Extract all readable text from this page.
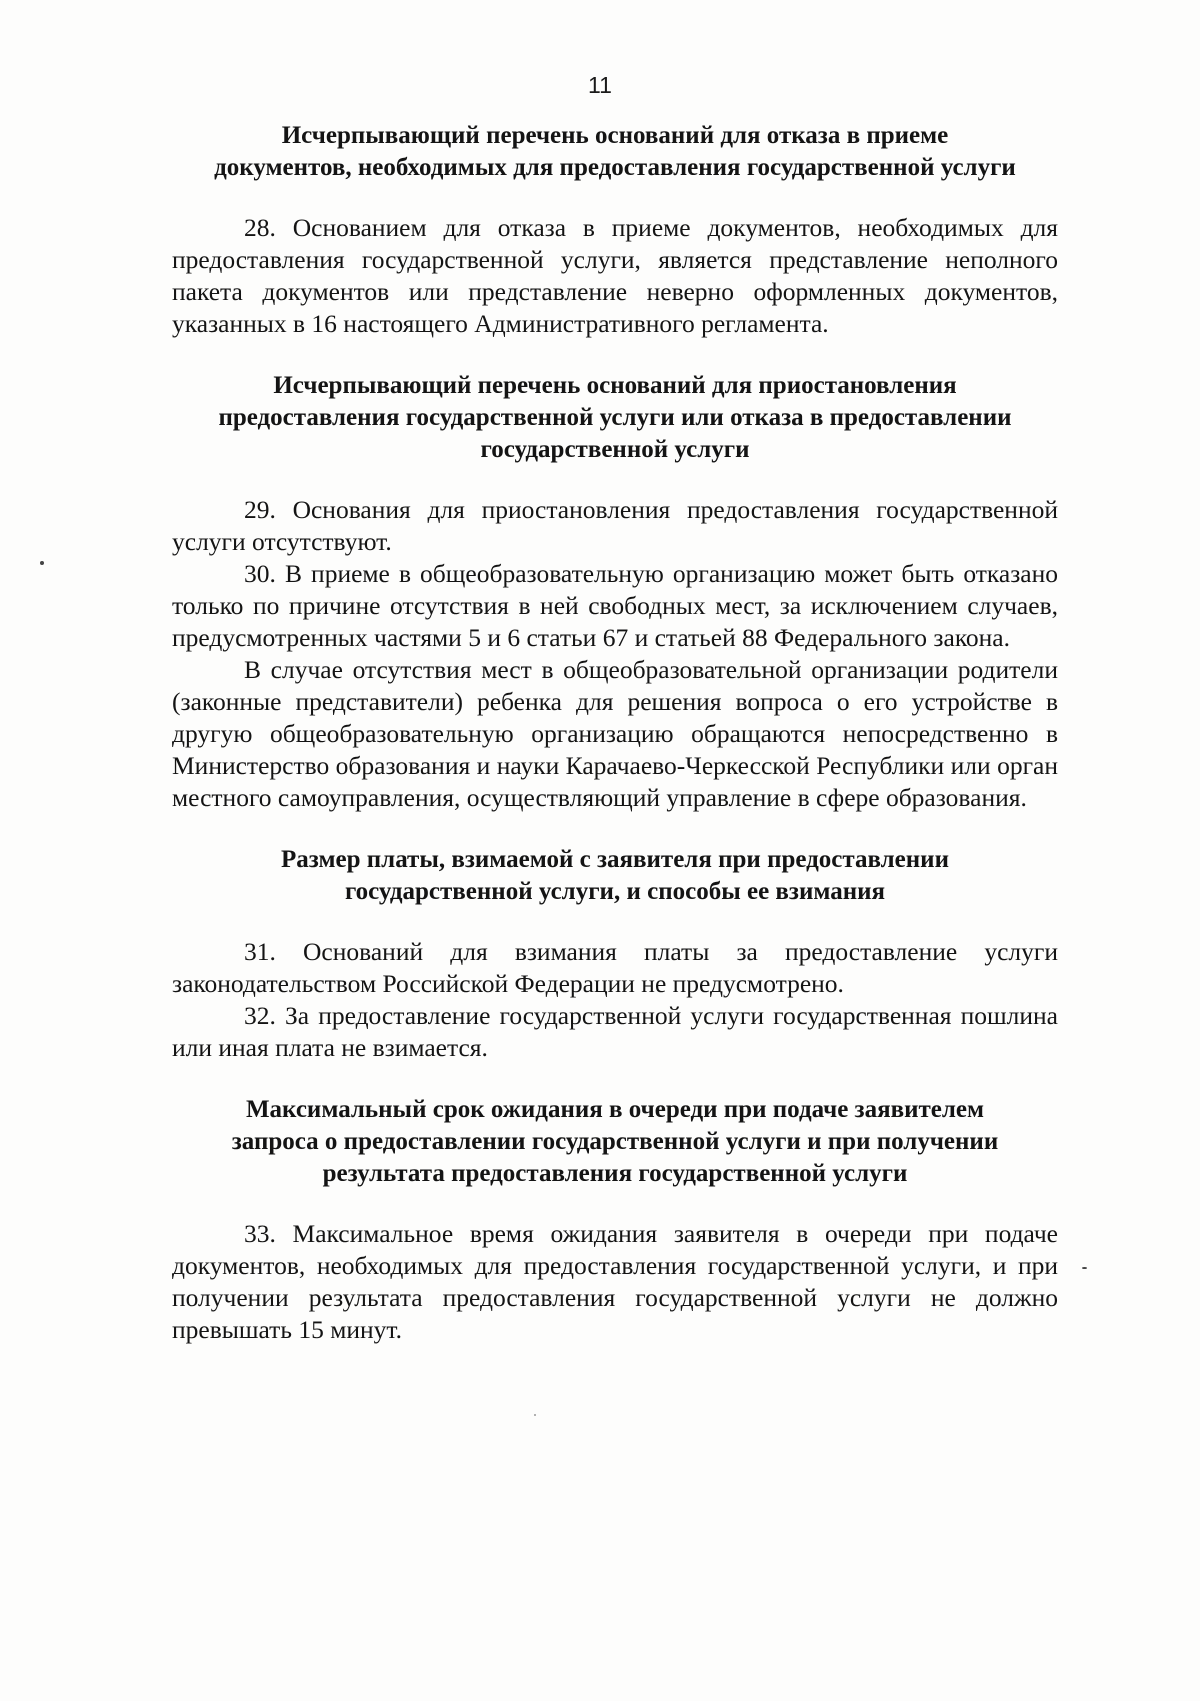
11
Исчерпывающий перечень оснований для отказа в приеме
документов, необходимых для предоставления государственной услуги

28. Основанием для отказа в приеме документов, необходимых для предоставления государственной услуги, является представление неполного пакета документов или представление неверно оформленных документов, указанных в 16 настоящего Административного регламента.

Исчерпывающий перечень оснований для приостановления
предоставления государственной услуги или отказа в предоставлении
государственной услуги

29. Основания для приостановления предоставления государственной услуги отсутствуют.

30. В приеме в общеобразовательную организацию может быть отказано только по причине отсутствия в ней свободных мест, за исключением случаев, предусмотренных частями 5 и 6 статьи 67 и статьей 88 Федерального закона.

В случае отсутствия мест в общеобразовательной организации родители (законные представители) ребенка для решения вопроса о его устройстве в другую общеобразовательную организацию обращаются непосредственно в Министерство образования и науки Карачаево-Черкесской Республики или орган местного самоуправления, осуществляющий управление в сфере образования.

Размер платы, взимаемой с заявителя при предоставлении
государственной услуги, и способы ее взимания

31. Оснований для взимания платы за предоставление услуги законодательством Российской Федерации не предусмотрено.

32. За предоставление государственной услуги государственная пошлина или иная плата не взимается.

Максимальный срок ожидания в очереди при подаче заявителем
запроса о предоставлении государственной услуги и при получении
результата предоставления государственной услуги

33. Максимальное время ожидания заявителя в очереди при подаче документов, необходимых для предоставления государственной услуги, и при получении результата предоставления государственной услуги не должно превышать 15 минут.
